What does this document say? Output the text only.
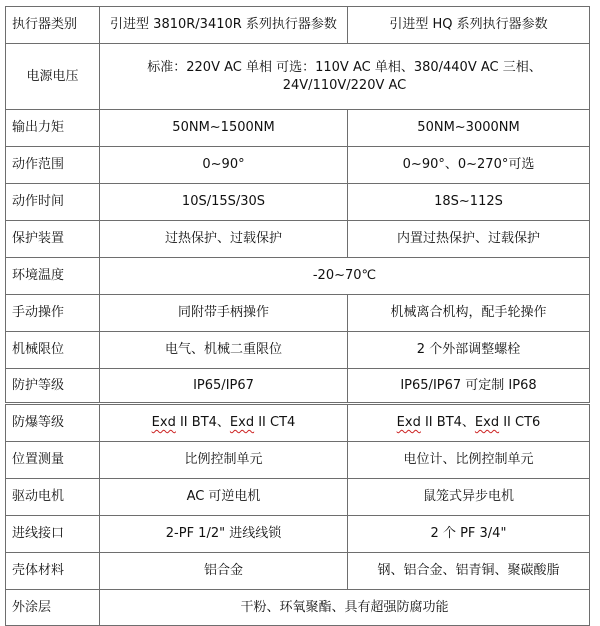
执行器类别	引进型 3810R/3410R 系列执行器参数	引进型 HQ 系列执行器参数
电源电压	标准：220V AC 单相 可选：110V AC 单相、380/440V AC 三相、
24V/110V/220V AC	

输出力矩	50NM~1500NM	50NM~3000NM
动作范围	0~90°	0~90°、0~270°可选
动作时间	10S/15S/30S	18S~112S
保护装置	过热保护、过载保护	内置过热保护、过载保护
环境温度	-20~70℃	
手动操作	同附带手柄操作	机械离合机构，配手轮操作
机械限位	电气、机械二重限位	2 个外部调整螺栓
防护等级	IP65/IP67	IP65/IP67 可定制 IP68
防爆等级	Exd II BT4、Exd II CT4	Exd II BT4、Exd II CT6
位置测量	比例控制单元	电位计、比例控制单元
驱动电机	AC 可逆电机	鼠笼式异步电机
进线接口	2-PF 1/2" 进线线锁	2 个 PF 3/4"
壳体材料	铝合金	钢、铝合金、铝青铜、聚碳酸脂
外涂层	干粉、环氧聚酯、具有超强防腐功能	
